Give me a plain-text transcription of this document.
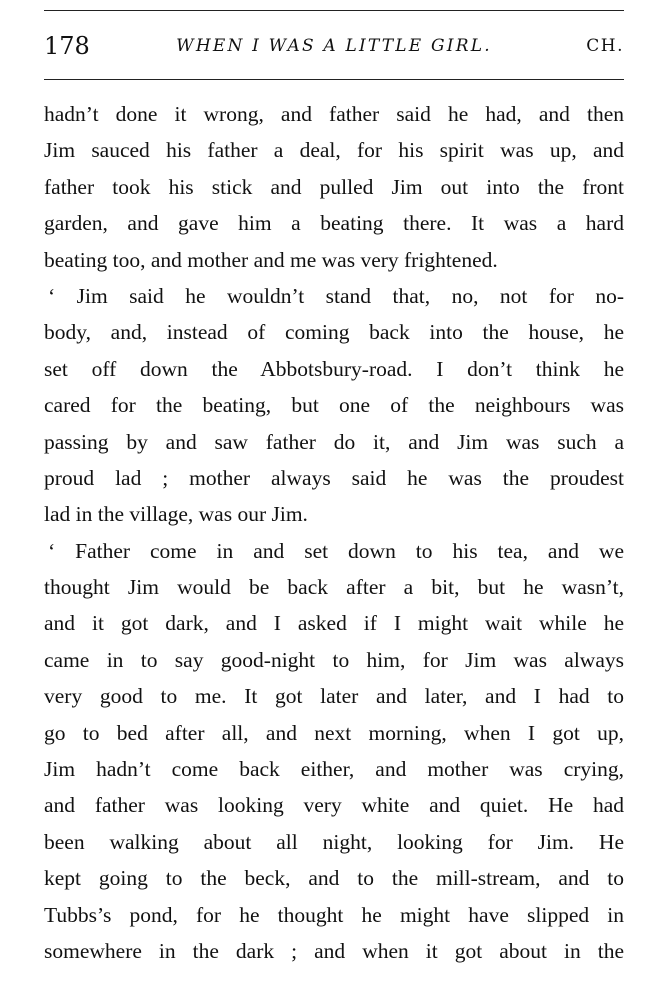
178	WHEN I WAS A LITTLE GIRL.	CH.
hadn’t done it wrong, and father said he had, and then
Jim sauced his father a deal, for his spirit was up, and
father took his stick and pulled Jim out into the front
garden, and gave him a beating there. It was a hard
beating too, and mother and me was very frightened.
‘ Jim said he wouldn’t stand that, no, not for no-
body, and, instead of coming back into the house, he
set off down the Abbotsbury-road. I don’t think he
cared for the beating, but one of the neighbours was
passing by and saw father do it, and Jim was such a
proud lad ; mother always said he was the proudest
lad in the village, was our Jim.
‘ Father come in and set down to his tea, and we
thought Jim would be back after a bit, but he wasn’t,
and it got dark, and I asked if I might wait while he
came in to say good-night to him, for Jim was always
very good to me. It got later and later, and I had to
go to bed after all, and next morning, when I got up,
Jim hadn’t come back either, and mother was crying,
and father was looking very white and quiet. He had
been walking about all night, looking for Jim. He
kept going to the beck, and to the mill-stream, and to
Tubbs’s pond, for he thought he might have slipped in
somewhere in the dark ; and when it got about in the
